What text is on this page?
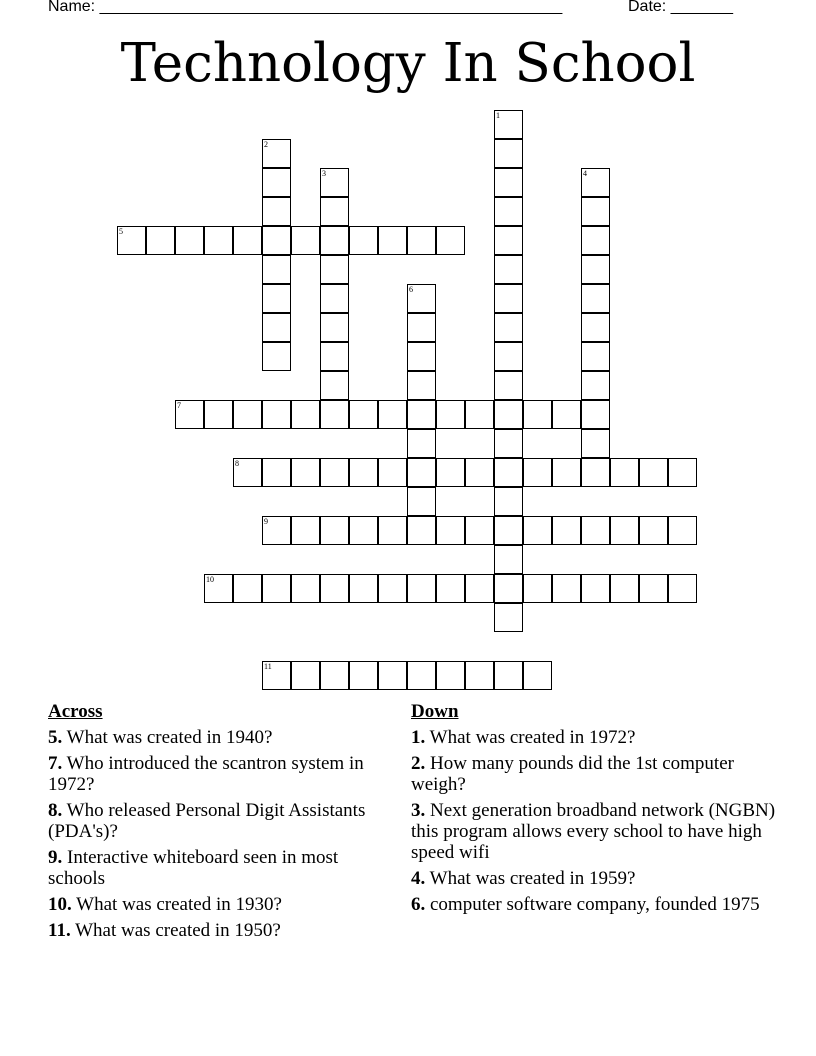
Name: ____________________________________________________	Date: _______
Technology In School
1
2
3	4
5
6
7
8
9
10
11
Across
5. What was created in 1940?
7. Who introduced the scantron system in 1972?
8. Who released Personal Digit Assistants (PDA's)?
9. Interactive whiteboard seen in most schools
10. What was created in 1930?
11. What was created in 1950?
Down
1. What was created in 1972?
2. How many pounds did the 1st computer weigh?
3. Next generation broadband network (NGBN) this program allows every school to have high speed wifi
4. What was created in 1959?
6. computer software company, founded 1975
